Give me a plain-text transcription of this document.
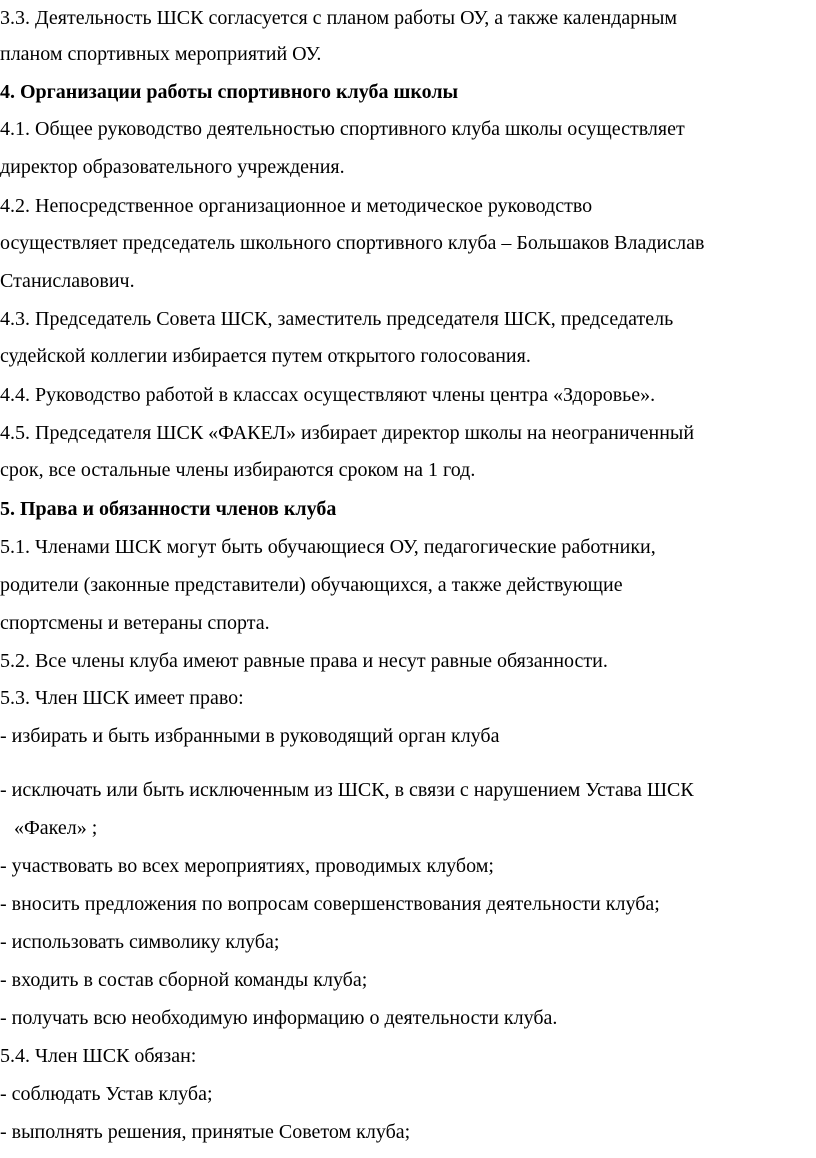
3.3. Деятельность ШСК согласуется с планом работы ОУ, а также календарным
планом спортивных мероприятий ОУ.
4. Организации работы спортивного клуба школы
4.1. Общее руководство деятельностью спортивного клуба школы осуществляет
директор образовательного учреждения.
4.2. Непосредственное организационное и методическое руководство
осуществляет председатель школьного спортивного клуба – Большаков Владислав
Станиславович.
4.3. Председатель Совета ШСК, заместитель председателя ШСК, председатель
судейской коллегии избирается путем открытого голосования.
4.4. Руководство работой в классах осуществляют члены центра «Здоровье».
4.5. Председателя ШСК «ФАКЕЛ» избирает директор школы на неограниченный
срок, все остальные члены избираются сроком на 1 год.
5. Права и обязанности членов клуба
5.1. Членами ШСК могут быть обучающиеся ОУ, педагогические работники,
родители (законные представители) обучающихся, а также действующие
спортсмены и ветераны спорта.
5.2. Все члены клуба имеют равные права и несут равные обязанности.
5.3. Член ШСК имеет право:
- избирать и быть избранными в руководящий орган клуба
- исключать или быть исключенным из ШСК, в связи с нарушением Устава ШСК
«Факел» ;
- участвовать во всех мероприятиях, проводимых клубом;
- вносить предложения по вопросам совершенствования деятельности клуба;
- использовать символику клуба;
- входить в состав сборной команды клуба;
- получать всю необходимую информацию о деятельности клуба.
5.4. Член ШСК обязан:
- соблюдать Устав клуба;
- выполнять решения, принятые Советом клуба;
